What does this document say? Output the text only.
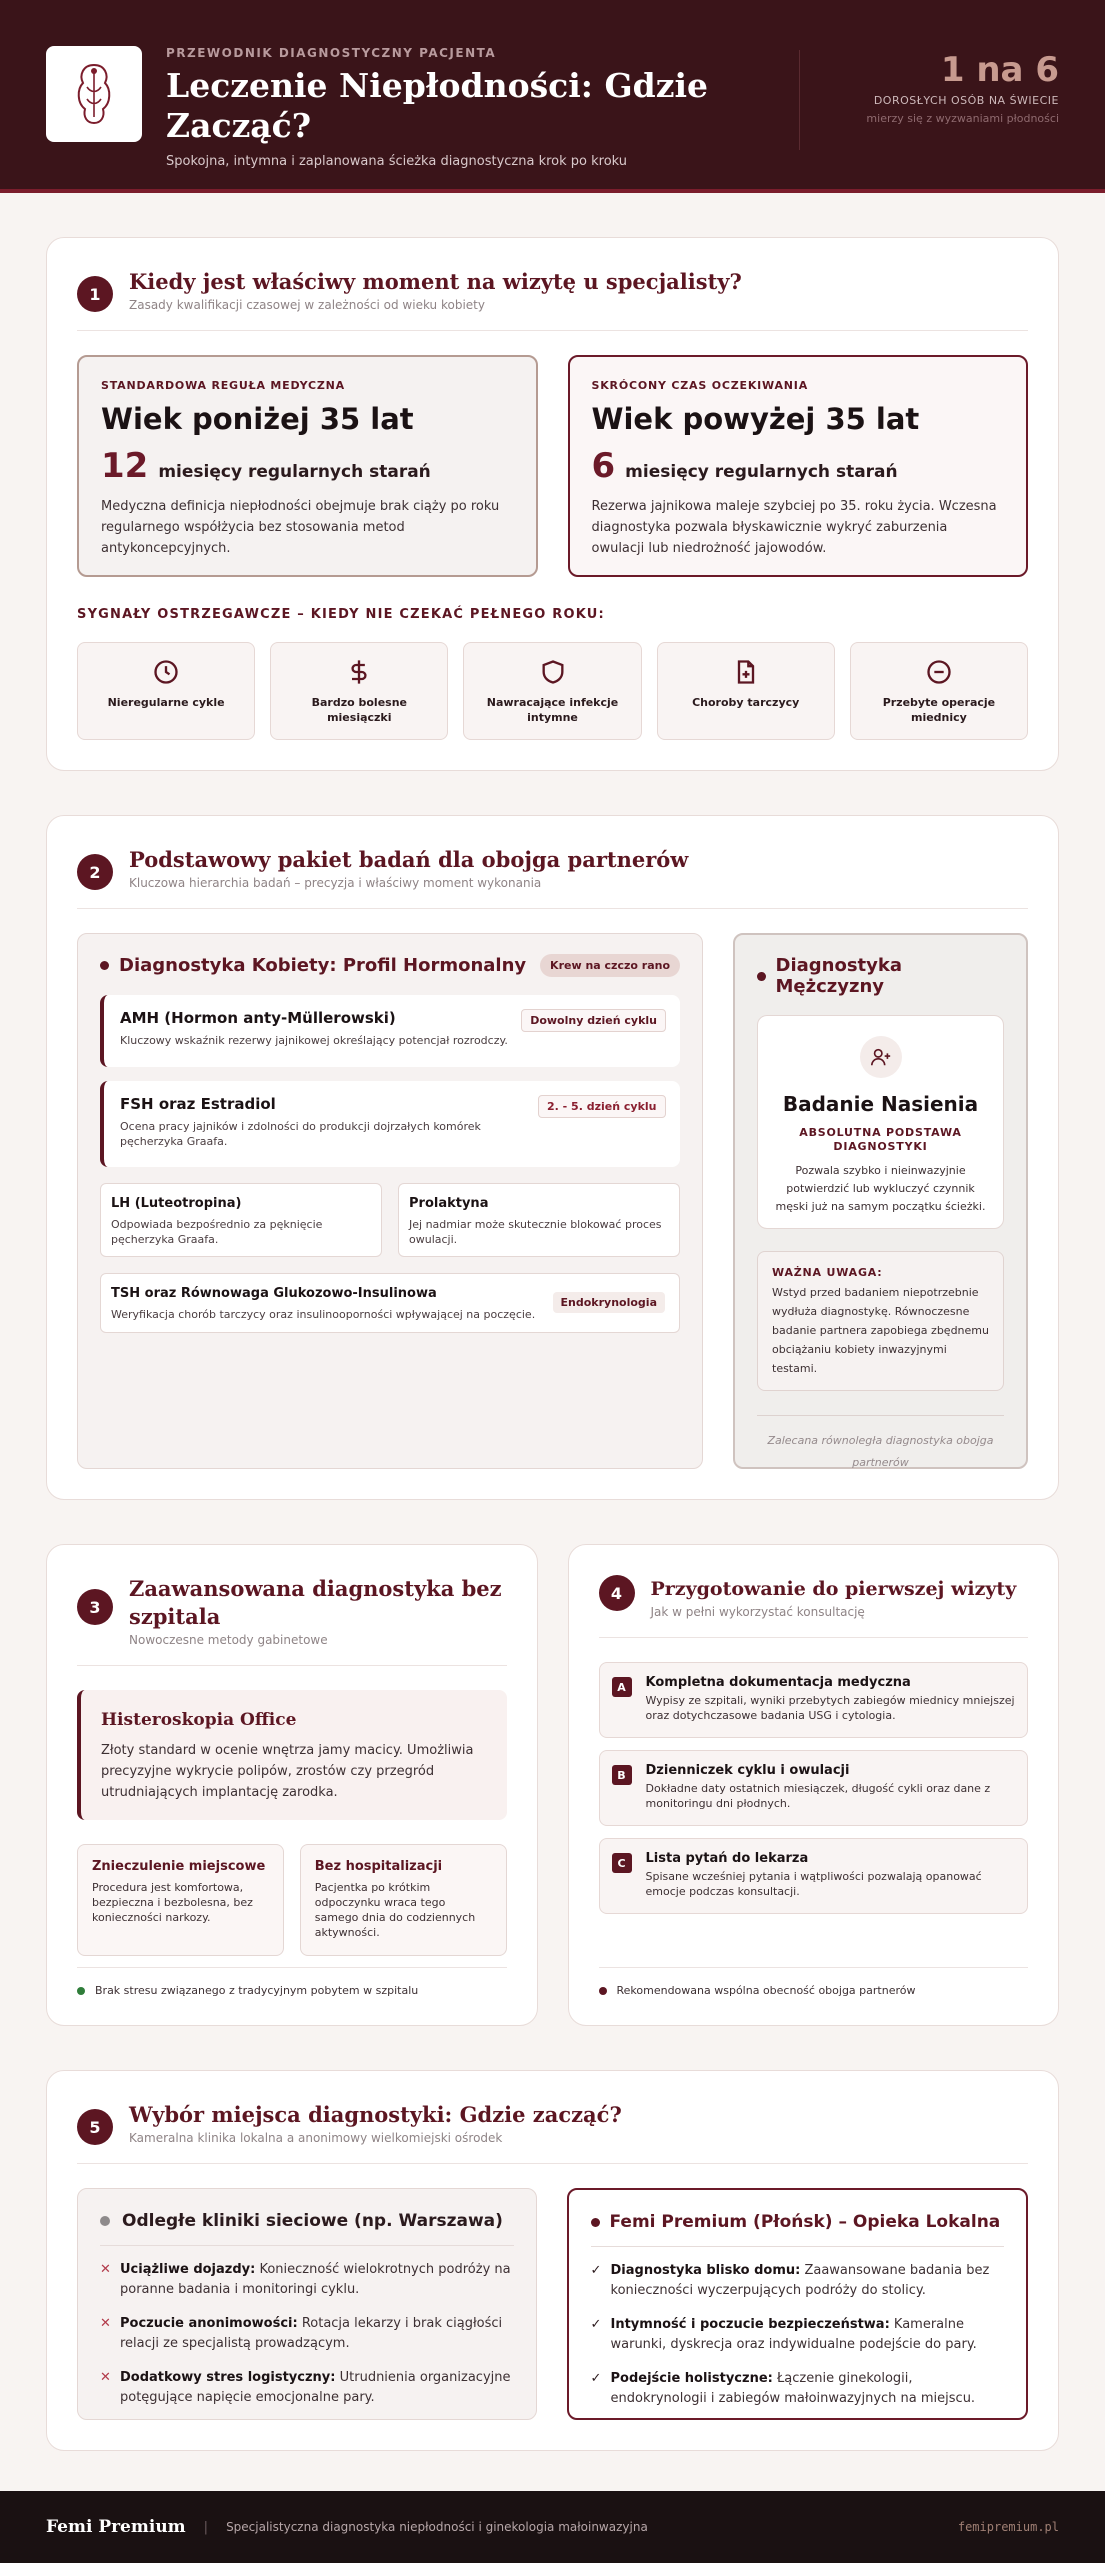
PRZEWODNIK DIAGNOSTYCZNY PACJENTA
Leczenie Niepłodności: Gdzie Zacząć?
Spokojna, intymna i zaplanowana ścieżka diagnostyczna krok po kroku
1 na 6
DOROSŁYCH OSÓB NA ŚWIECIE
mierzy się z wyzwaniami płodności
1	Kiedy jest właściwy moment na wizytę u specjalisty?
Zasady kwalifikacji czasowej w zależności od wieku kobiety
STANDARDOWA REGUŁA MEDYCZNA
Wiek poniżej 35 lat
12 miesięcy regularnych starań
Medyczna definicja niepłodności obejmuje brak ciąży po roku regularnego współżycia bez stosowania metod antykoncepcyjnych.
SKRÓCONY CZAS OCZEKIWANIA
Wiek powyżej 35 lat
6 miesięcy regularnych starań
Rezerwa jajnikowa maleje szybciej po 35. roku życia. Wczesna diagnostyka pozwala błyskawicznie wykryć zaburzenia owulacji lub niedrożność jajowodów.
SYGNAŁY OSTRZEGAWCZE – KIEDY NIE CZEKAĆ PEŁNEGO ROKU:
Nieregularne cykle	Bardzo bolesne miesiączki
Nawracające infekcje intymne
Choroby tarczycy	Przebyte operacje miednicy
2	Podstawowy pakiet badań dla obojga partnerów
Kluczowa hierarchia badań – precyzja i właściwy moment wykonania
Diagnostyka Kobiety: Profil Hormonalny	Krew na czczo rano
AMH (Hormon anty-Müllerowski)
Kluczowy wskaźnik rezerwy jajnikowej określający potencjał rozrodczy.
Dowolny dzień cyklu
FSH oraz Estradiol
Ocena pracy jajników i zdolności do produkcji dojrzałych komórek pęcherzyka Graafa.
2. - 5. dzień cyklu
LH (Luteotropina)
Odpowiada bezpośrednio za pęknięcie pęcherzyka Graafa.
Prolaktyna
Jej nadmiar może skutecznie blokować proces owulacji.
TSH oraz Równowaga Glukozowo-Insulinowa
Weryfikacja chorób tarczycy oraz insulinooporności wpływającej na poczęcie.
Endokrynologia
Diagnostyka Mężczyzny
Badanie Nasienia
ABSOLUTNA PODSTAWA DIAGNOSTYKI
Pozwala szybko i nieinwazyjnie potwierdzić lub wykluczyć czynnik męski już na samym początku ścieżki.
WAŻNA UWAGA:
Wstyd przed badaniem niepotrzebnie wydłuża diagnostykę. Równoczesne badanie partnera zapobiega zbędnemu obciążaniu kobiety inwazyjnymi testami.
Zalecana równoległa diagnostyka obojga partnerów
3
Zaawansowana diagnostyka bez szpitala
Nowoczesne metody gabinetowe
Histeroskopia Office
Złoty standard w ocenie wnętrza jamy macicy. Umożliwia precyzyjne wykrycie polipów, zrostów czy przegród utrudniających implantację zarodka.
Znieczulenie miejscowe
Procedura jest komfortowa, bezpieczna i bezbolesna, bez konieczności narkozy.
Bez hospitalizacji
Pacjentka po krótkim odpoczynku wraca tego samego dnia do codziennych aktywności.
Brak stresu związanego z tradycyjnym pobytem w szpitalu
4	Przygotowanie do pierwszej wizyty
Jak w pełni wykorzystać konsultację
A	Kompletna dokumentacja medyczna
Wypisy ze szpitali, wyniki przebytych zabiegów miednicy mniejszej oraz dotychczasowe badania USG i cytologia.
B	Dzienniczek cyklu i owulacji
Dokładne daty ostatnich miesiączek, długość cykli oraz dane z monitoringu dni płodnych.
C	Lista pytań do lekarza
Spisane wcześniej pytania i wątpliwości pozwalają opanować emocje podczas konsultacji.
Rekomendowana wspólna obecność obojga partnerów
5	Wybór miejsca diagnostyki: Gdzie zacząć?
Kameralna klinika lokalna a anonimowy wielkomiejski ośrodek
Odległe kliniki sieciowe (np. Warszawa)
✕ Uciążliwe dojazdy: Konieczność wielokrotnych podróży na poranne badania i monitoringi cyklu.
✕ Poczucie anonimowości: Rotacja lekarzy i brak ciągłości relacji ze specjalistą prowadzącym.
✕ Dodatkowy stres logistyczny: Utrudnienia organizacyjne potęgujące napięcie emocjonalne pary.
Femi Premium (Płońsk) – Opieka Lokalna
✓ Diagnostyka blisko domu: Zaawansowane badania bez konieczności wyczerpujących podróży do stolicy.
✓ Intymność i poczucie bezpieczeństwa: Kameralne warunki, dyskrecja oraz indywidualne podejście do pary.
✓ Podejście holistyczne: Łączenie ginekologii, endokrynologii i zabiegów małoinwazyjnych na miejscu.
Femi Premium | Specjalistyczna diagnostyka niepłodności i ginekologia małoinwazyjna	femipremium.pl
